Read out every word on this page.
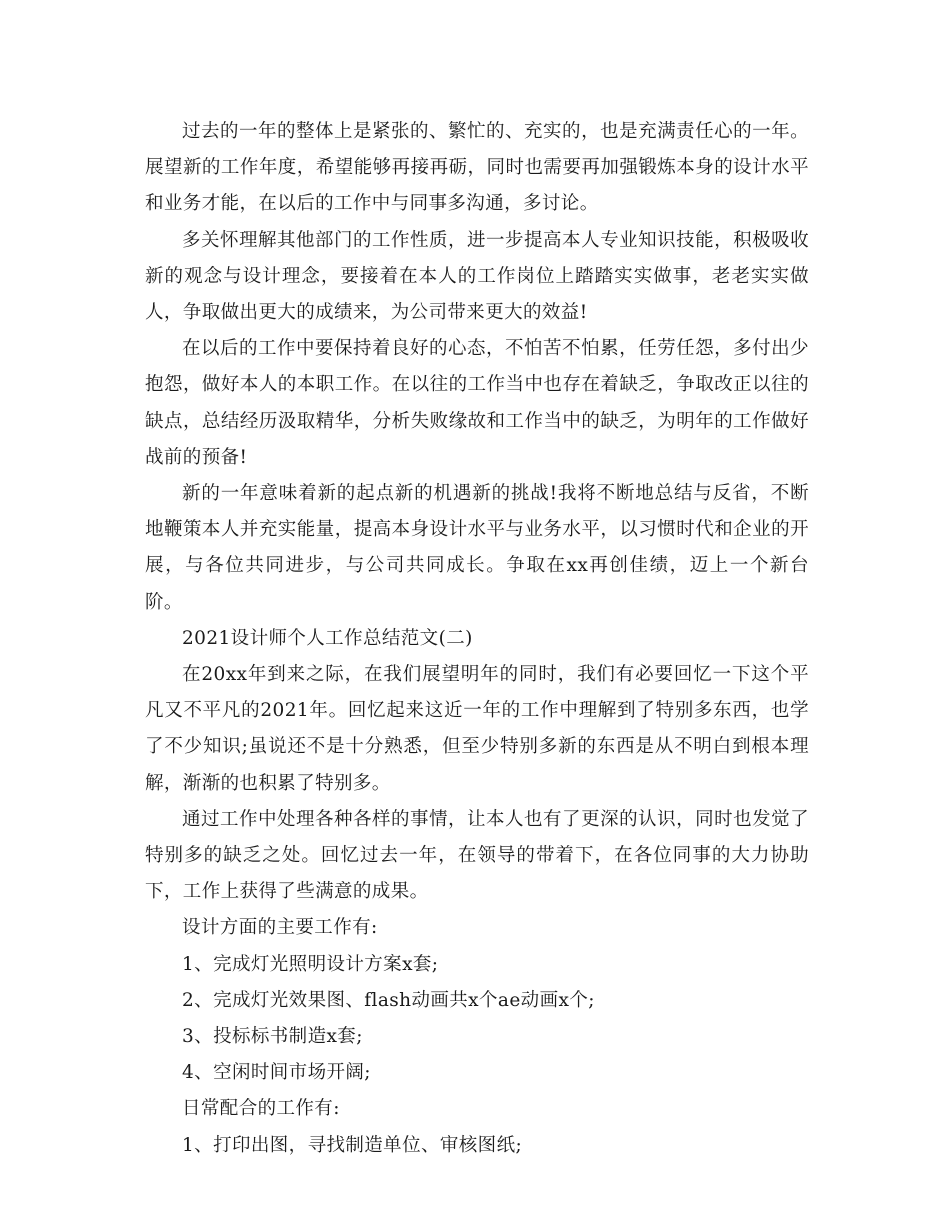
过去的一年的整体上是紧张的、繁忙的、充实的，也是充满责任心的一年。展望新的工作年度，希望能够再接再砺，同时也需要再加强锻炼本身的设计水平和业务才能，在以后的工作中与同事多沟通，多讨论。

多关怀理解其他部门的工作性质，进一步提高本人专业知识技能，积极吸收新的观念与设计理念，要接着在本人的工作岗位上踏踏实实做事，老老实实做人，争取做出更大的成绩来，为公司带来更大的效益!

在以后的工作中要保持着良好的心态，不怕苦不怕累，任劳任怨，多付出少抱怨，做好本人的本职工作。在以往的工作当中也存在着缺乏，争取改正以往的缺点，总结经历汲取精华，分析失败缘故和工作当中的缺乏，为明年的工作做好战前的预备!

新的一年意味着新的起点新的机遇新的挑战!我将不断地总结与反省，不断地鞭策本人并充实能量，提高本身设计水平与业务水平，以习惯时代和企业的开展，与各位共同进步，与公司共同成长。争取在xx再创佳绩，迈上一个新台阶。

2021设计师个人工作总结范文(二)

在20xx年到来之际，在我们展望明年的同时，我们有必要回忆一下这个平凡又不平凡的2021年。回忆起来这近一年的工作中理解到了特别多东西，也学了不少知识;虽说还不是十分熟悉，但至少特别多新的东西是从不明白到根本理解，渐渐的也积累了特别多。

通过工作中处理各种各样的事情，让本人也有了更深的认识，同时也发觉了特别多的缺乏之处。回忆过去一年，在领导的带着下，在各位同事的大力协助下，工作上获得了些满意的成果。

设计方面的主要工作有:

1、完成灯光照明设计方案x套;

2、完成灯光效果图、flash动画共x个ae动画x个;

3、投标标书制造x套;

4、空闲时间市场开阔;

日常配合的工作有:

1、打印出图，寻找制造单位、审核图纸;
